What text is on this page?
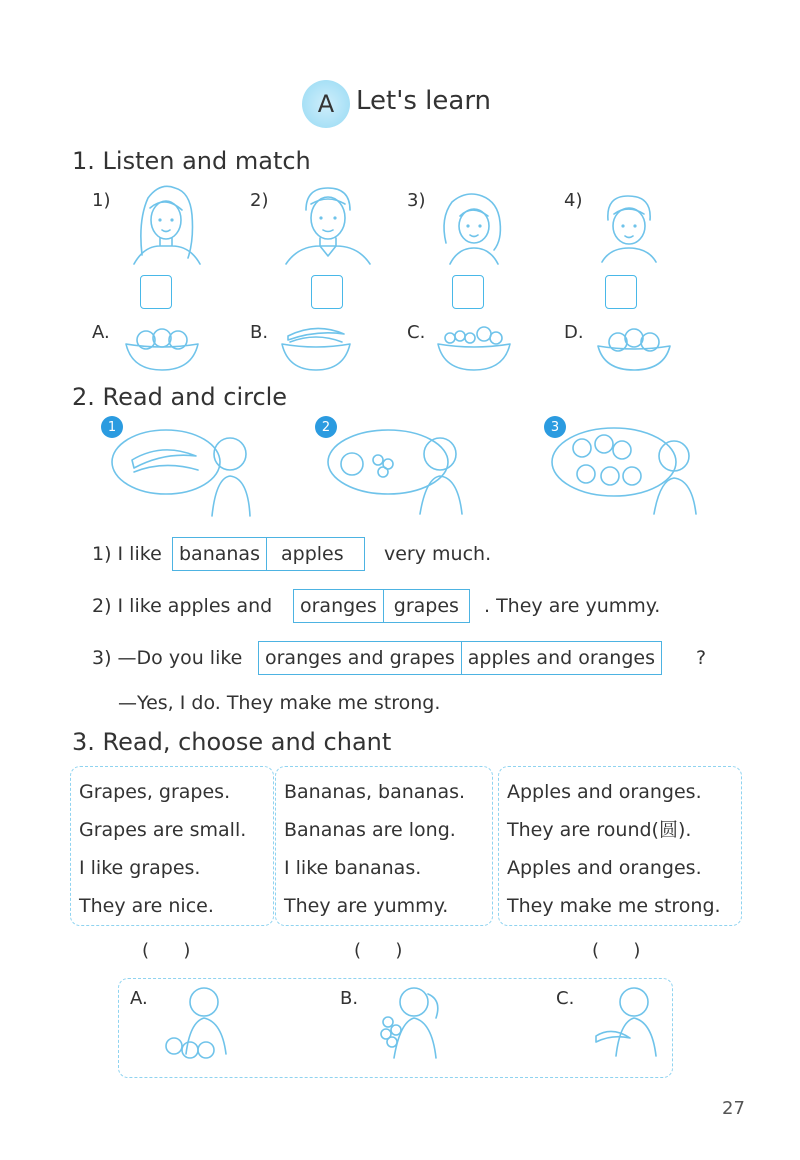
A Let's learn
1. Listen and match
1)	2)	3)	4)
A.	B.	C.	D.
2. Read and circle
1	2	3
1) I like bananas	apples	very much.
2) I like apples and	oranges grapes	. They are yummy.
3) —Do you like	oranges and grapes apples and oranges	?
—Yes, I do. They make me strong.
3. Read, choose and chant
Grapes, grapes.
Grapes are small.
I like grapes.
They are nice.
Bananas, bananas.
Bananas are long.
I like bananas.
They are yummy.
Apples and oranges.
They are round(圆).
Apples and oranges.
They make me strong.
(      )	(      )	(      )
A.	B.	C.
27
